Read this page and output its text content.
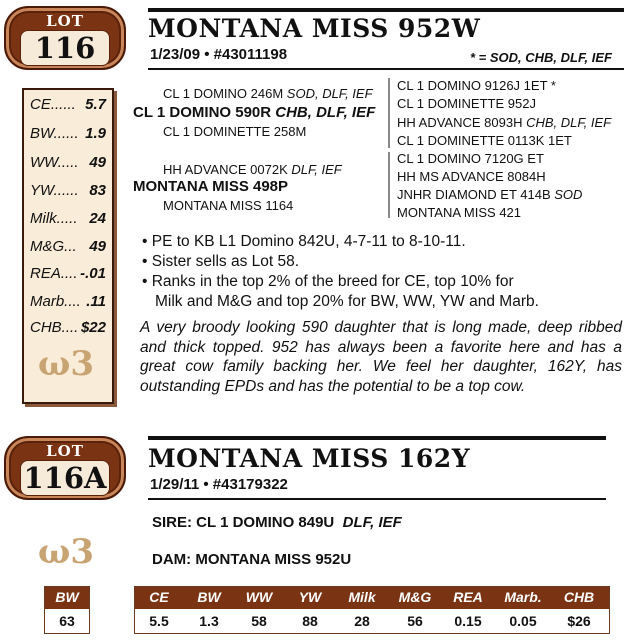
LOT
116
CE...... 5.7
BW...... 1.9
WW..... 49
YW...... 83
Milk..... 24
M&G... 49
REA.... -.01
Marb.... .11
CHB.... $22
ω3
MONTANA MISS 952W
1/23/09 • #43011198	* = SOD, CHB, DLF, IEF
CL 1 DOMINO 246M SOD, DLF, IEF
CL 1 DOMINO 590R CHB, DLF, IEF
CL 1 DOMINETTE 258M
HH ADVANCE 0072K DLF, IEF
MONTANA MISS 498P
MONTANA MISS 1164
CL 1 DOMINO 9126J 1ET *
CL 1 DOMINETTE 952J
HH ADVANCE 8093H CHB, DLF, IEF
CL 1 DOMINETTE 0113K 1ET
CL 1 DOMINO 7120G ET
HH MS ADVANCE 8084H
JNHR DIAMOND ET 414B SOD
MONTANA MISS 421
• PE to KB L1 Domino 842U, 4-7-11 to 8-10-11.
• Sister sells as Lot 58.
• Ranks in the top 2% of the breed for CE, top 10% for
Milk and M&G and top 20% for BW, WW, YW and Marb.
A very broody looking 590 daughter that is long made, deep ribbed and thick topped. 952 has always been a favorite here and has a great cow family backing her. We feel her daughter, 162Y, has outstanding EPDs and has the potential to be a top cow.
LOT
116A
ω3
MONTANA MISS 162Y
1/29/11 • #43179322
SIRE: CL 1 DOMINO 849U DLF, IEF
DAM: MONTANA MISS 952U
BW
63
CE	BW	WW	YW	Milk	M&G	REA	Marb.	CHB
5.5	1.3	58	88	28	56	0.15	0.05	$26
